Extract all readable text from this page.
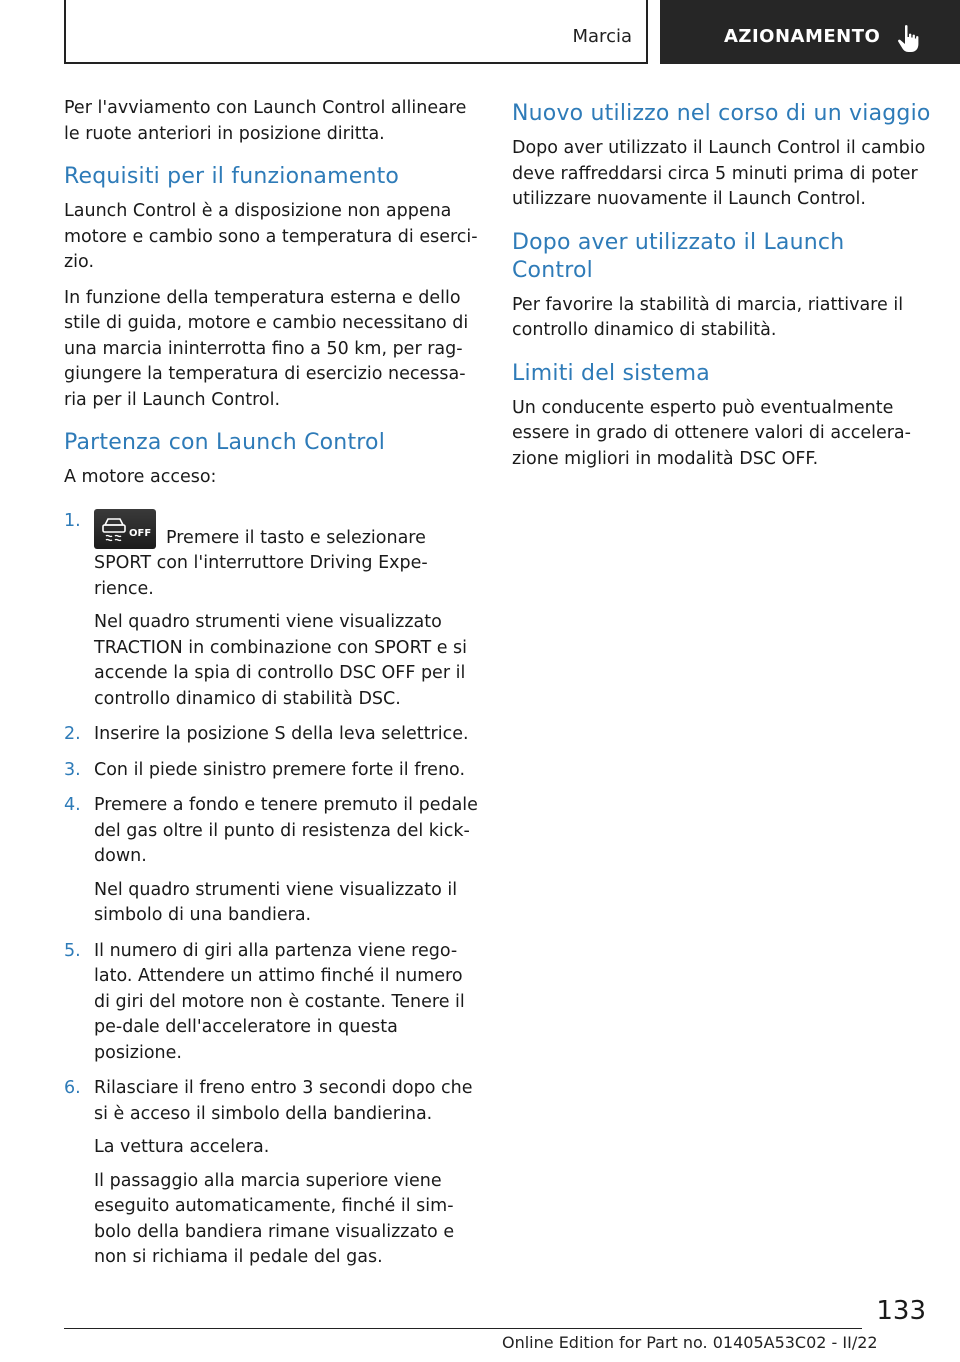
Marcia	AZIONAMENTO

Per l'avviamento con Launch Control allineare le ruote anteriori in posizione diritta.

Requisiti per il funzionamento

Launch Control è a disposizione non appena motore e cambio sono a temperatura di eserci-zio.

In funzione della temperatura esterna e dello stile di guida, motore e cambio necessitano di una marcia ininterrotta fino a 50 km, per rag-giungere la temperatura di esercizio necessa-ria per il Launch Control.

Partenza con Launch Control

A motore acceso:

1.

OFF Premere il tasto e selezionare SPORT con l'interruttore Driving Expe-rience.

Nel quadro strumenti viene visualizzato TRACTION in combinazione con SPORT e si accende la spia di controllo DSC OFF per il controllo dinamico di stabilità DSC.

2. Inserire la posizione S della leva selettrice.

3. Con il piede sinistro premere forte il freno.

4. Premere a fondo e tenere premuto il pedale del gas oltre il punto di resistenza del kick-down.

Nel quadro strumenti viene visualizzato il simbolo di una bandiera.

5. Il numero di giri alla partenza viene rego-lato. Attendere un attimo finché il numero di giri del motore non è costante. Tenere il pe-dale dell'acceleratore in questa posizione.

6. Rilasciare il freno entro 3 secondi dopo che si è acceso il simbolo della bandierina.

La vettura accelera.

Il passaggio alla marcia superiore viene eseguito automaticamente, finché il sim-bolo della bandiera rimane visualizzato e non si richiama il pedale del gas.

Nuovo utilizzo nel corso di un viaggio

Dopo aver utilizzato il Launch Control il cambio deve raffreddarsi circa 5 minuti prima di poter utilizzare nuovamente il Launch Control.

Dopo aver utilizzato il Launch Control

Per favorire la stabilità di marcia, riattivare il controllo dinamico di stabilità.

Limiti del sistema

Un conducente esperto può eventualmente essere in grado di ottenere valori di accelera-zione migliori in modalità DSC OFF.

133
Online Edition for Part no. 01405A53C02 - II/22
